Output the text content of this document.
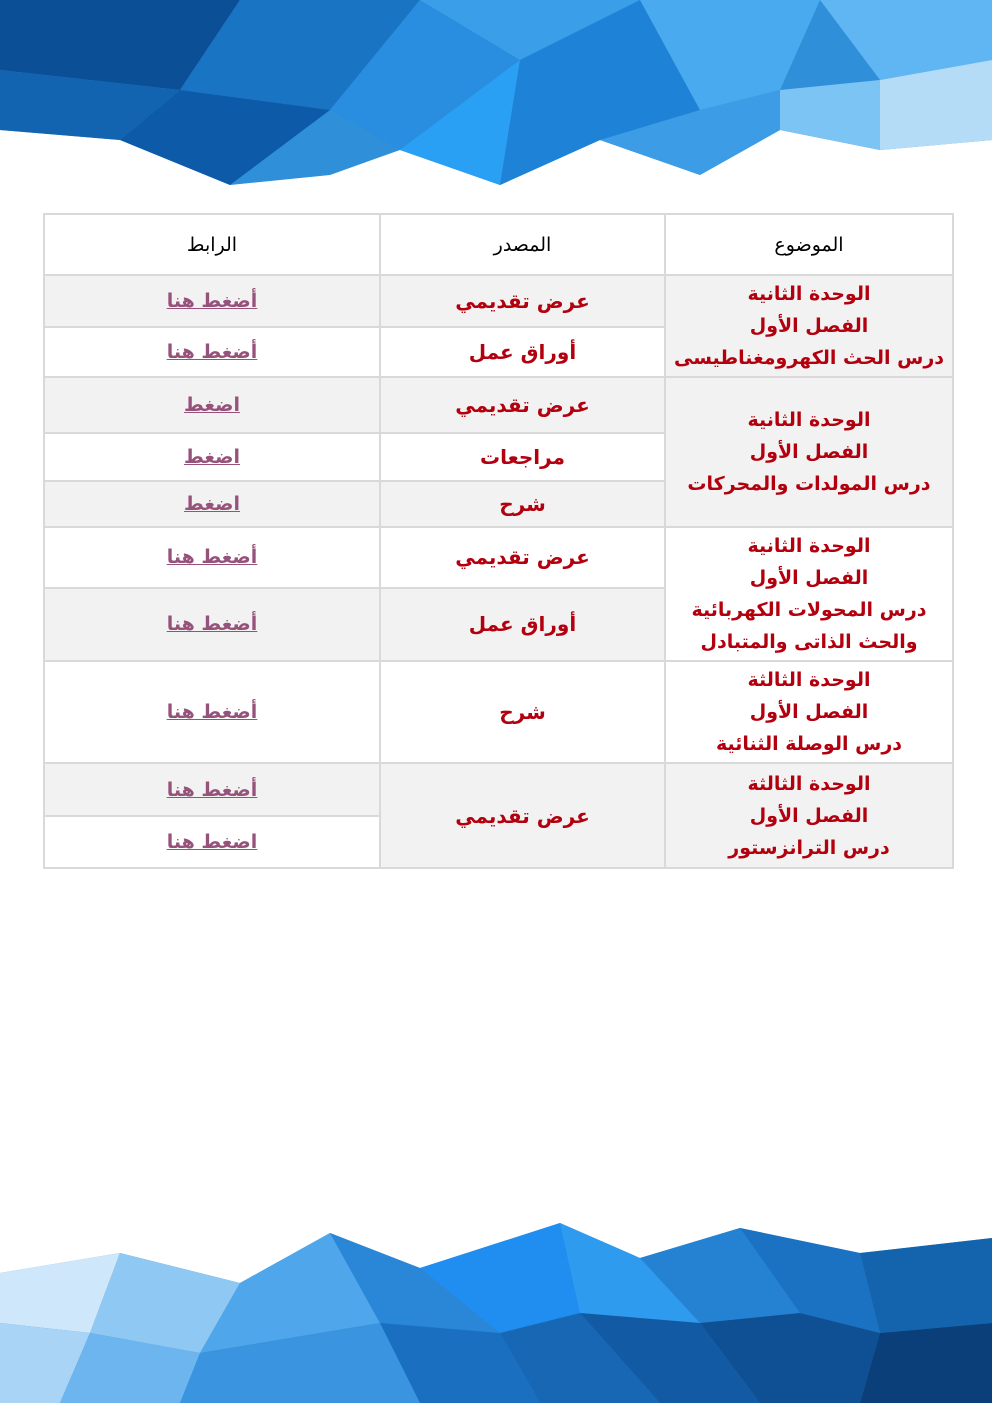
الموضوع	المصدر	الرابط

الوحدة الثانية
الفصل الأول
درس الحث الكهرومغناطيسى	عرض تقديمي	أضغط هنا
	أوراق عمل	أضغط هنا

الوحدة الثانية
الفصل الأول
درس المولدات والمحركات	عرض تقديمي	اضغط
	مراجعات	اضغط
	شرح	اضغط

الوحدة الثانية
الفصل الأول
درس المحولات الكهربائية
والحث الذاتى والمتبادل	عرض تقديمي	أضغط هنا
	أوراق عمل	أضغط هنا

الوحدة الثالثة
الفصل الأول
درس الوصلة الثنائية	شرح	أضغط هنا

الوحدة الثالثة
الفصل الأول
درس الترانزستور	عرض تقديمي	أضغط هنا
		اضغط هنا
